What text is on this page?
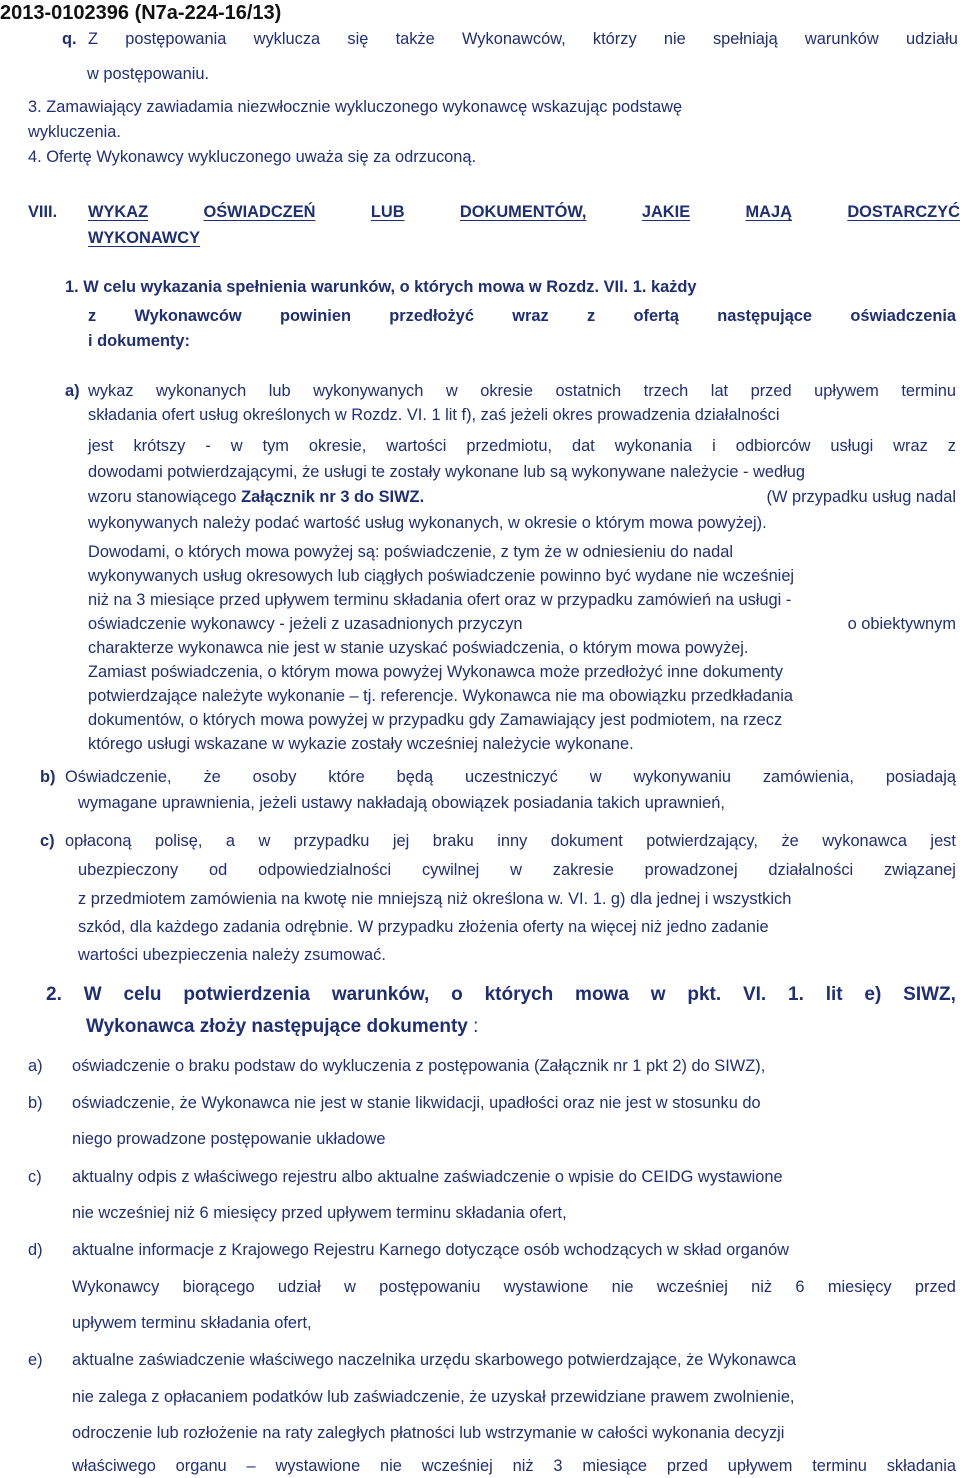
2013-0102396 (N7a-224-16/13)
q. Z postępowania wyklucza się także Wykonawców, którzy nie spełniają warunków udziału
w postępowaniu.
3. Zamawiający zawiadamia niezwłocznie wykluczonego wykonawcę wskazując podstawę
wykluczenia.
4. Ofertę Wykonawcy wykluczonego uważa się za odrzuconą.
VIII. WYKAZ	OŚWIADCZEŃ	LUB	DOKUMENTÓW,	JAKIE	MAJĄ	DOSTARCZYĆ
WYKONAWCY
1. W celu wykazania spełnienia warunków, o których mowa w Rozdz. VII. 1. każdy
z Wykonawców powinien przedłożyć wraz z ofertą następujące oświadczenia
i dokumenty:
a) wykaz wykonanych lub wykonywanych w okresie ostatnich trzech lat przed upływem terminu
składania ofert usług określonych w Rozdz. VI. 1 lit f), zaś jeżeli okres prowadzenia działalności
jest krótszy - w tym okresie, wartości przedmiotu, dat wykonania i odbiorców usługi wraz z
dowodami potwierdzającymi, że usługi te zostały wykonane lub są wykonywane należycie - według
wzoru stanowiącego Załącznik nr 3 do SIWZ.	(W przypadku usług nadal
wykonywanych należy podać wartość usług wykonanych, w okresie o którym mowa powyżej).
Dowodami, o których mowa powyżej są: poświadczenie, z tym że w odniesieniu do nadal
wykonywanych usług okresowych lub ciągłych poświadczenie powinno być wydane nie wcześniej
niż na 3 miesiące przed upływem terminu składania ofert oraz w przypadku zamówień na usługi -
oświadczenie wykonawcy - jeżeli z uzasadnionych przyczyn	o obiektywnym
charakterze wykonawca nie jest w stanie uzyskać poświadczenia, o którym mowa powyżej.
Zamiast poświadczenia, o którym mowa powyżej Wykonawca może przedłożyć inne dokumenty
potwierdzające należyte wykonanie – tj. referencje. Wykonawca nie ma obowiązku przedkładania
dokumentów, o których mowa powyżej w przypadku gdy Zamawiający jest podmiotem, na rzecz
którego usługi wskazane w wykazie zostały wcześniej należycie wykonane.
b) Oświadczenie, że osoby które będą uczestniczyć w wykonywaniu zamówienia, posiadają
wymagane uprawnienia, jeżeli ustawy nakładają obowiązek posiadania takich uprawnień,
c) opłaconą polisę, a w przypadku jej braku inny dokument potwierdzający, że wykonawca jest
ubezpieczony od odpowiedzialności cywilnej w zakresie prowadzonej działalności związanej
z przedmiotem zamówienia na kwotę nie mniejszą niż określona w. VI. 1. g) dla jednej i wszystkich
szkód, dla każdego zadania odrębnie. W przypadku złożenia oferty na więcej niż jedno zadanie
wartości ubezpieczenia należy zsumować.
2. W celu potwierdzenia warunków, o których mowa w pkt. VI. 1. lit e) SIWZ,
Wykonawca złoży następujące dokumenty :
a) oświadczenie o braku podstaw do wykluczenia z postępowania (Załącznik nr 1 pkt 2) do SIWZ),
b) oświadczenie, że Wykonawca nie jest w stanie likwidacji, upadłości oraz nie jest w stosunku do
niego prowadzone postępowanie układowe
c) aktualny odpis z właściwego rejestru albo aktualne zaświadczenie o wpisie do CEIDG wystawione
nie wcześniej niż 6 miesięcy przed upływem terminu składania ofert,
d) aktualne informacje z Krajowego Rejestru Karnego dotyczące osób wchodzących w skład organów
Wykonawcy biorącego udział w postępowaniu wystawione nie wcześniej niż 6 miesięcy przed
upływem terminu składania ofert,
e) aktualne zaświadczenie właściwego naczelnika urzędu skarbowego potwierdzające, że Wykonawca
nie zalega z opłacaniem podatków lub zaświadczenie, że uzyskał przewidziane prawem zwolnienie,
odroczenie lub rozłożenie na raty zaległych płatności lub wstrzymanie w całości wykonania decyzji
właściwego organu – wystawione nie wcześniej niż 3 miesiące przed upływem terminu składania
